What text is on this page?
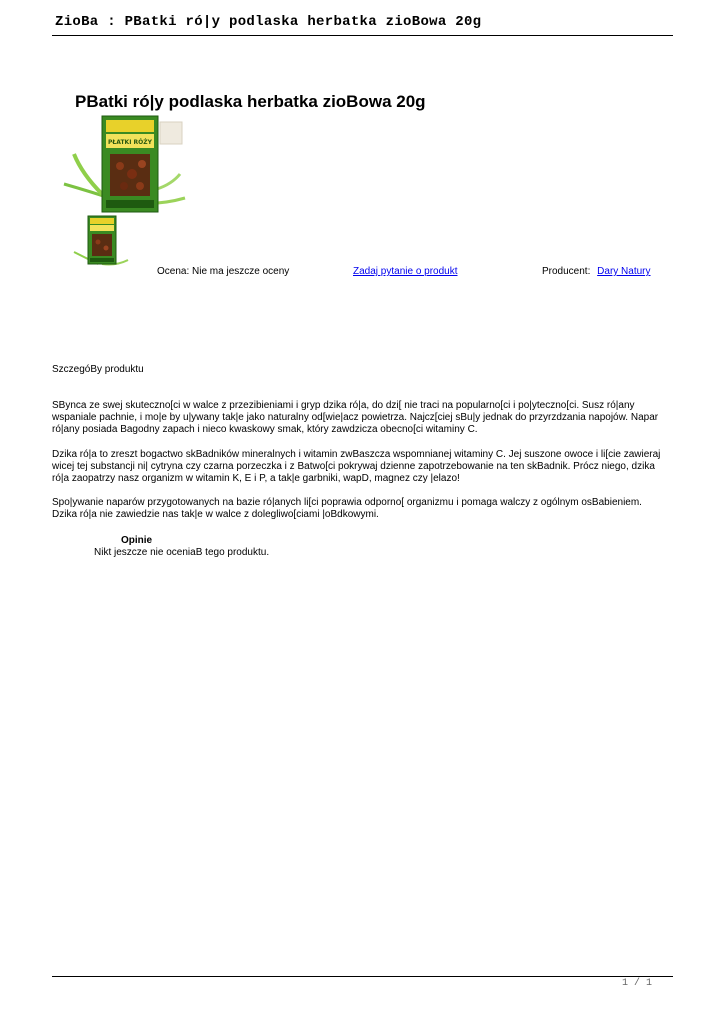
ZioBa : PBatki ró|y podlaska herbatka zioBowa 20g
PBatki ró|y podlaska herbatka zioBowa 20g
PŁATKI RÓŻY
Ocena: Nie ma jeszcze oceny	Zadaj pytanie o produkt	Producent: Dary Natury
SzczegóBy produktu

SBynca ze swej skuteczno[ci w walce z przezibieniami i gryp dzika ró|a, do dzi[ nie traci na popularno[ci i po|yteczno[ci. Susz ró|any wspaniale pachnie, i mo|e by u|ywany tak|e jako naturalny od[wie|acz powietrza. Najcz[ciej sBu|y jednak do przyrzdzania napojów. Napar ró|any posiada Bagodny zapach i nieco kwaskowy smak, który zawdzicza obecno[ci witaminy C.

Dzika ró|a to zreszt bogactwo skBadników mineralnych i witamin zwBaszcza wspomnianej witaminy C. Jej suszone owoce i li[cie zawieraj wicej tej substancji ni| cytryna czy czarna porzeczka i z Batwo[ci pokrywaj dzienne zapotrzebowanie na ten skBadnik. Prócz niego, dzika ró|a zaopatrzy nasz organizm w witamin K, E i P, a tak|e garbniki, wapD, magnez czy |elazo!

Spo|ywanie naparów przygotowanych na bazie ró|anych li[ci poprawia odporno[ organizmu i pomaga walczy z ogólnym osBabieniem. Dzika ró|a nie zawiedzie nas tak|e w walce z dolegliwo[ciami |oBdkowymi.

Opinie
Nikt jeszcze nie oceniaB tego produktu.
1 / 1
